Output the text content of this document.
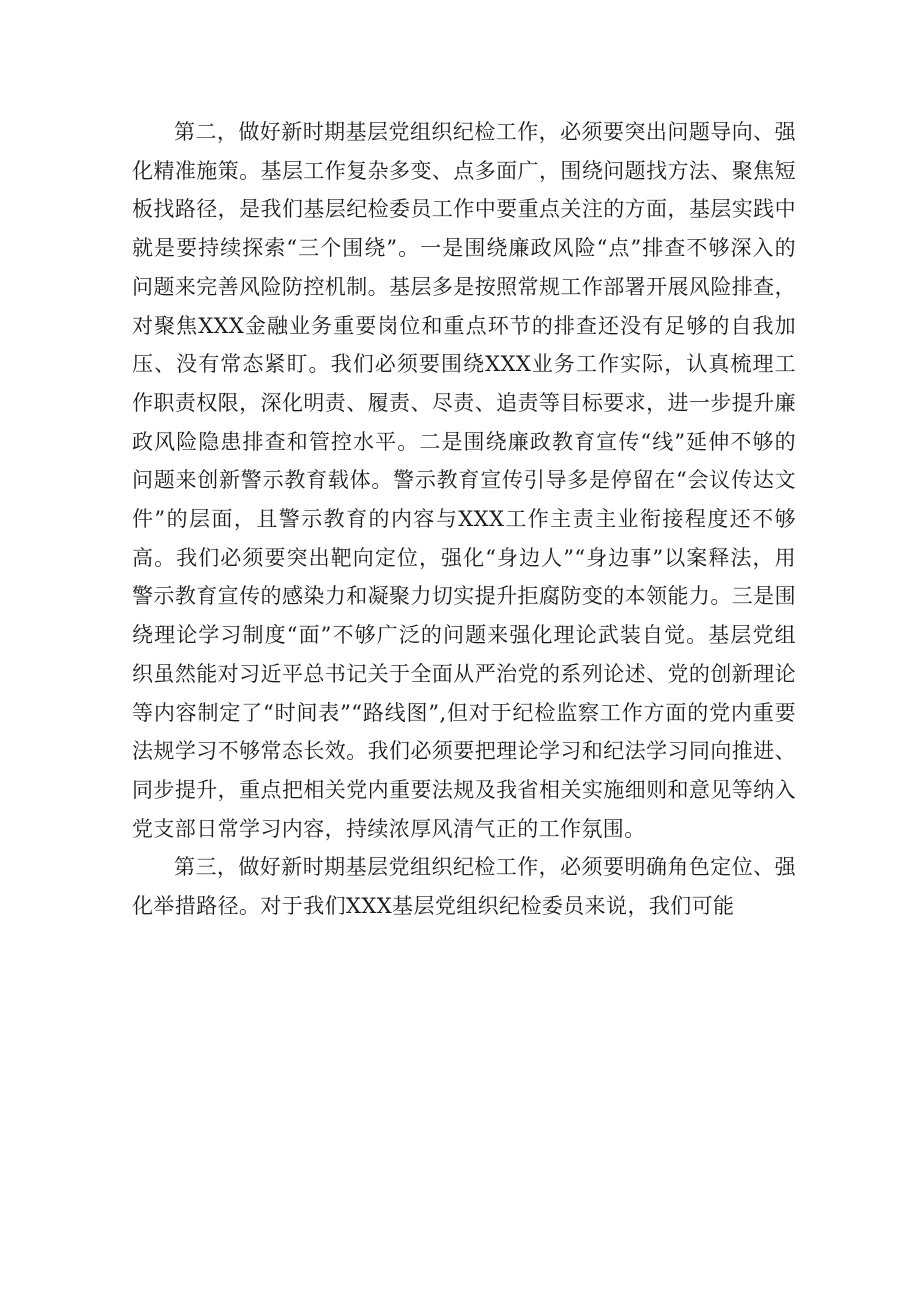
第二，做好新时期基层党组织纪检工作，必须要突出问题导向、强化精准施策。基层工作复杂多变、点多面广，围绕问题找方法、聚焦短板找路径，是我们基层纪检委员工作中要重点关注的方面，基层实践中就是要持续探索“三个围绕”。一是围绕廉政风险“点”排查不够深入的问题来完善风险防控机制。基层多是按照常规工作部署开展风险排查，对聚焦XXX金融业务重要岗位和重点环节的排查还没有足够的自我加压、没有常态紧盯。我们必须要围绕XXX业务工作实际，认真梳理工作职责权限，深化明责、履责、尽责、追责等目标要求，进一步提升廉政风险隐患排查和管控水平。二是围绕廉政教育宣传“线”延伸不够的问题来创新警示教育载体。警示教育宣传引导多是停留在“会议传达文件”的层面，且警示教育的内容与XXX工作主责主业衔接程度还不够高。我们必须要突出靶向定位，强化“身边人”“身边事”以案释法，用警示教育宣传的感染力和凝聚力切实提升拒腐防变的本领能力。三是围绕理论学习制度“面”不够广泛的问题来强化理论武装自觉。基层党组织虽然能对习近平总书记关于全面从严治党的系列论述、党的创新理论等内容制定了“时间表”“路线图”,但对于纪检监察工作方面的党内重要法规学习不够常态长效。我们必须要把理论学习和纪法学习同向推进、同步提升，重点把相关党内重要法规及我省相关实施细则和意见等纳入党支部日常学习内容，持续浓厚风清气正的工作氛围。

第三，做好新时期基层党组织纪检工作，必须要明确角色定位、强化举措路径。对于我们XXX基层党组织纪检委员来说，我们可能
